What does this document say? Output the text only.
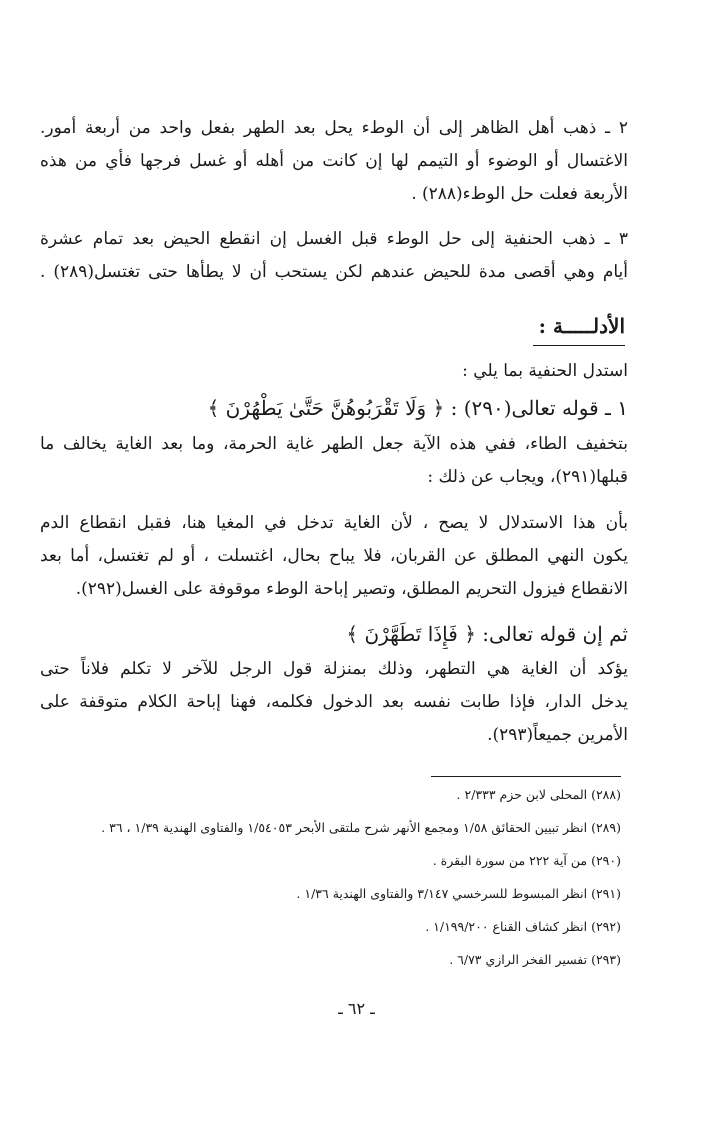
٢ ـ ذهب أهل الظاهر إلى أن الوطء يحل بعد الطهر بفعل واحد من أربعة أمور.
الاغتسال أو الوضوء أو التيمم لها إن كانت من أهله أو غسل فرجها فأي من هذه
الأربعة فعلت حل الوطء(٢٨٨) .
٣ ـ ذهب الحنفية إلى حل الوطء قبل الغسل إن انقطع الحيض بعد تمام عشرة
أيام وهي أقصى مدة للحيض عندهم لكن يستحب أن لا يطأها حتى تغتسل(٢٨٩) .
الأدلـــــة :
استدل الحنفية بما يلي :
١ ـ قوله تعالى(٢٩٠) : ﴿ وَلَا تَقْرَبُوهُنَّ حَتَّىٰ يَطْهُرْنَ ﴾
بتخفيف الطاء، ففي هذه الآية جعل الطهر غاية الحرمة، وما بعد الغاية يخالف ما
قبلها(٢٩١)، ويجاب عن ذلك :
بأن هذا الاستدلال لا يصح ، لأن الغاية تدخل في المغيا هنا، فقبل انقطاع الدم
يكون النهي المطلق عن القربان، فلا يباح بحال، اغتسلت ، أو لم تغتسل، أما بعد
الانقطاع فيزول التحريم المطلق، وتصير إباحة الوطء موقوفة على الغسل(٢٩٢).
ثم إن قوله تعالى: ﴿ فَإِذَا تَطَهَّرْنَ ﴾
يؤكد أن الغاية هي التطهر، وذلك بمنزلة قول الرجل للآخر لا تكلم فلاناً حتى
يدخل الدار، فإذا طابت نفسه بعد الدخول فكلمه، فهنا إباحة الكلام متوقفة على
الأمرين جميعاً(٢٩٣).
(٢٨٨) المحلى لابن حزم ٢/٣٣٣ .
(٢٨٩) انظر تبيين الحقائق ١/٥٨ ومجمع الأنهر شرح ملتقى الأبحر ١/٥٤٠٥٣ والفتاوى الهندية ١/٣٩ ، ٣٦ .
(٢٩٠) من آية ٢٢٢ من سورة البقرة .
(٢٩١) انظر المبسوط للسرخسي ٣/١٤٧ والفتاوى الهندية ١/٣٦ .
(٢٩٢) انظر كشاف القناع ١/١٩٩/٢٠٠ .
(٢٩٣) تفسير الفخر الرازي ٦/٧٣ .
ـ ٦٢ ـ
